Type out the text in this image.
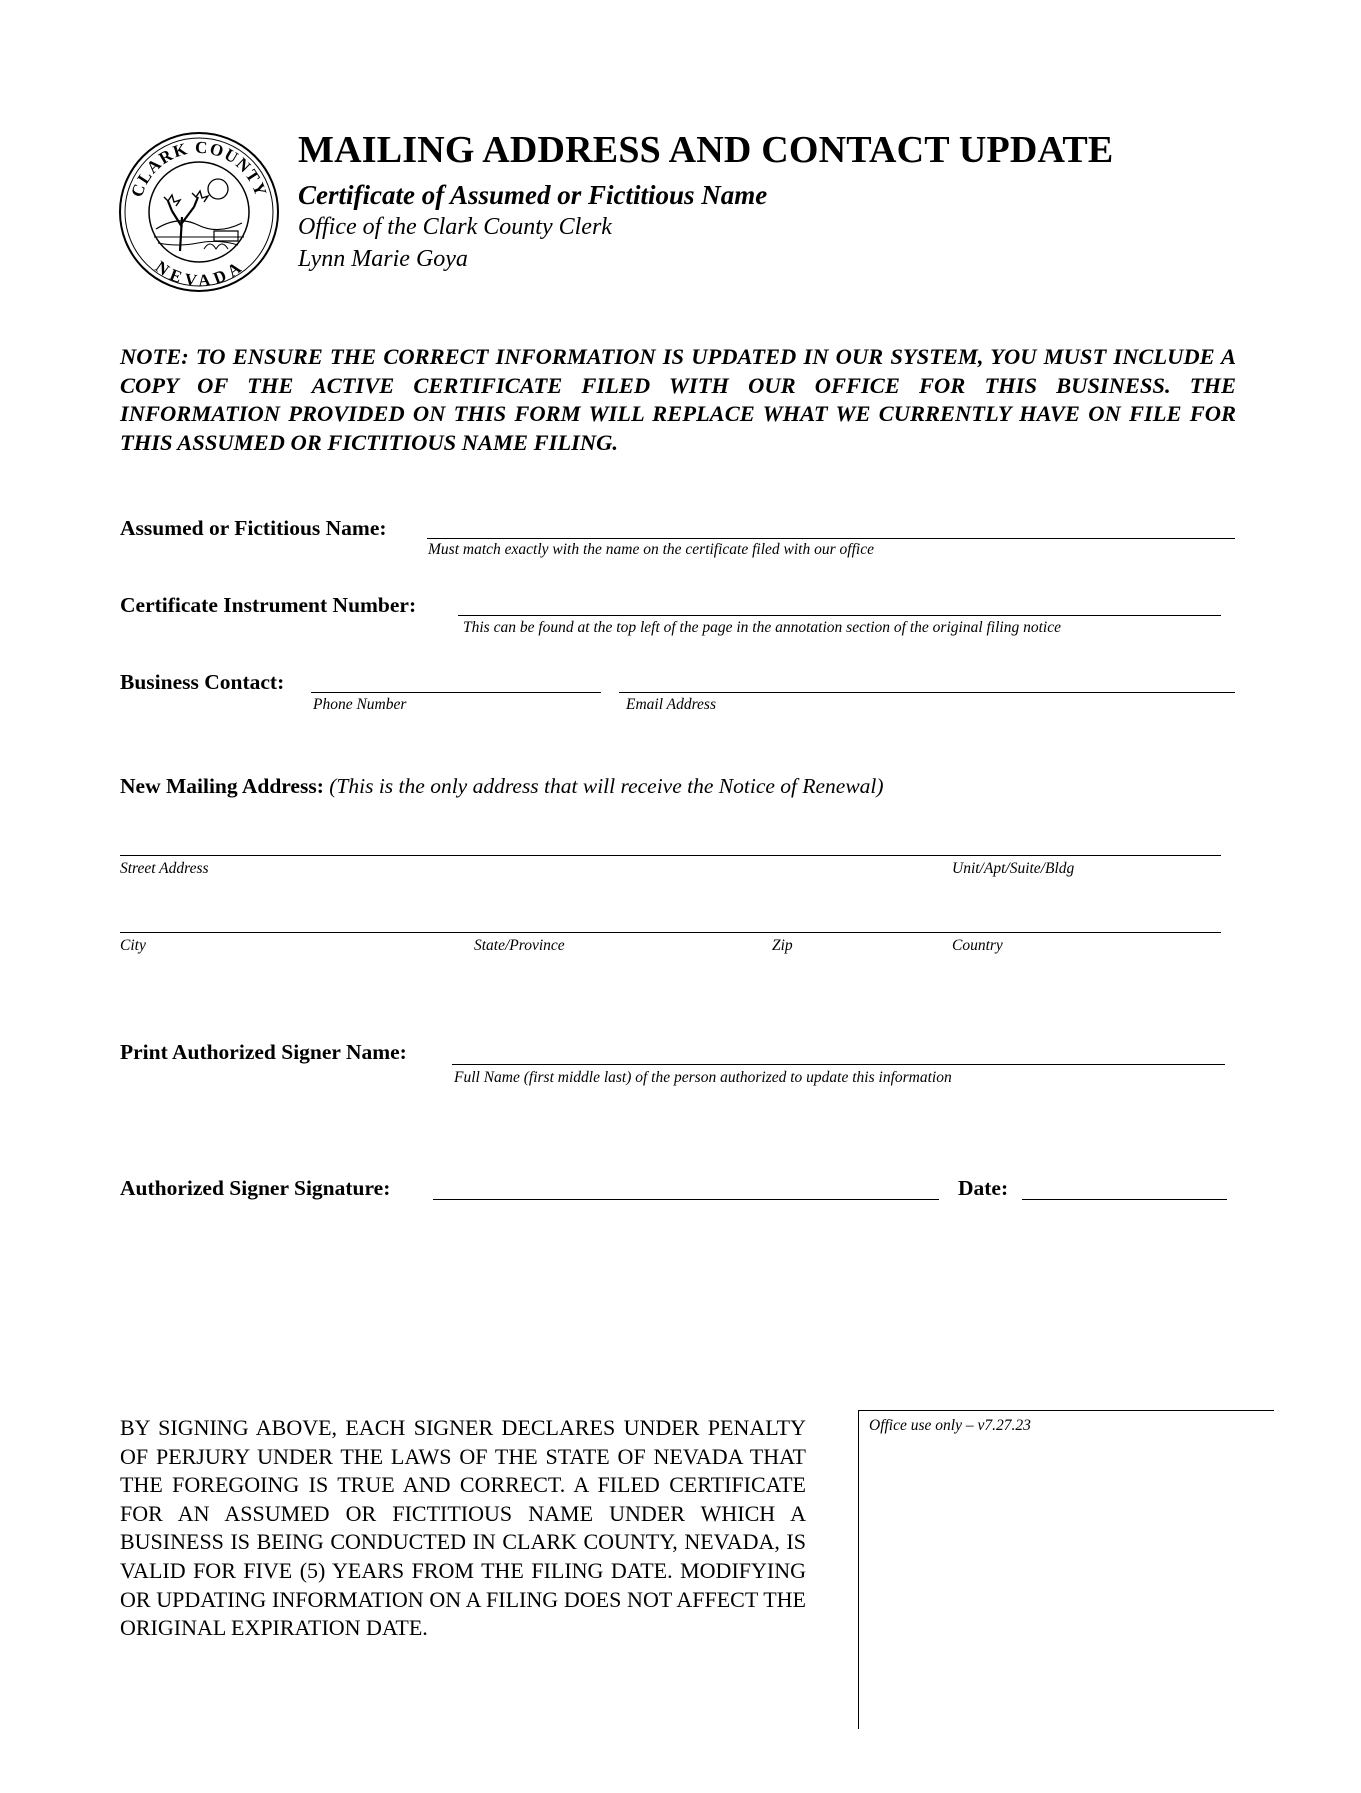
CLARK COUNTY
NEVADA
MAILING ADDRESS AND CONTACT UPDATE
Certificate of Assumed or Fictitious Name
Office of the Clark County Clerk
Lynn Marie Goya
NOTE: TO ENSURE THE CORRECT INFORMATION IS UPDATED IN OUR SYSTEM, YOU MUST INCLUDE A COPY OF THE ACTIVE CERTIFICATE FILED WITH OUR OFFICE FOR THIS BUSINESS. THE INFORMATION PROVIDED ON THIS FORM WILL REPLACE WHAT WE CURRENTLY HAVE ON FILE FOR THIS ASSUMED OR FICTITIOUS NAME FILING.
Assumed or Fictitious Name:
Must match exactly with the name on the certificate filed with our office
Certificate Instrument Number:
This can be found at the top left of the page in the annotation section of the original filing notice
Business Contact:
Phone Number	Email Address
New Mailing Address: (This is the only address that will receive the Notice of Renewal)
Street Address	Unit/Apt/Suite/Bldg
City	State/Province	Zip	Country
Print Authorized Signer Name:
Full Name (first middle last) of the person authorized to update this information
Authorized Signer Signature:	Date:
BY SIGNING ABOVE, EACH SIGNER DECLARES UNDER PENALTY OF PERJURY UNDER THE LAWS OF THE STATE OF NEVADA THAT THE FOREGOING IS TRUE AND CORRECT. A FILED CERTIFICATE FOR AN ASSUMED OR FICTITIOUS NAME UNDER WHICH A BUSINESS IS BEING CONDUCTED IN CLARK COUNTY, NEVADA, IS VALID FOR FIVE (5) YEARS FROM THE FILING DATE. MODIFYING OR UPDATING INFORMATION ON A FILING DOES NOT AFFECT THE ORIGINAL EXPIRATION DATE.
Office use only – v7.27.23
